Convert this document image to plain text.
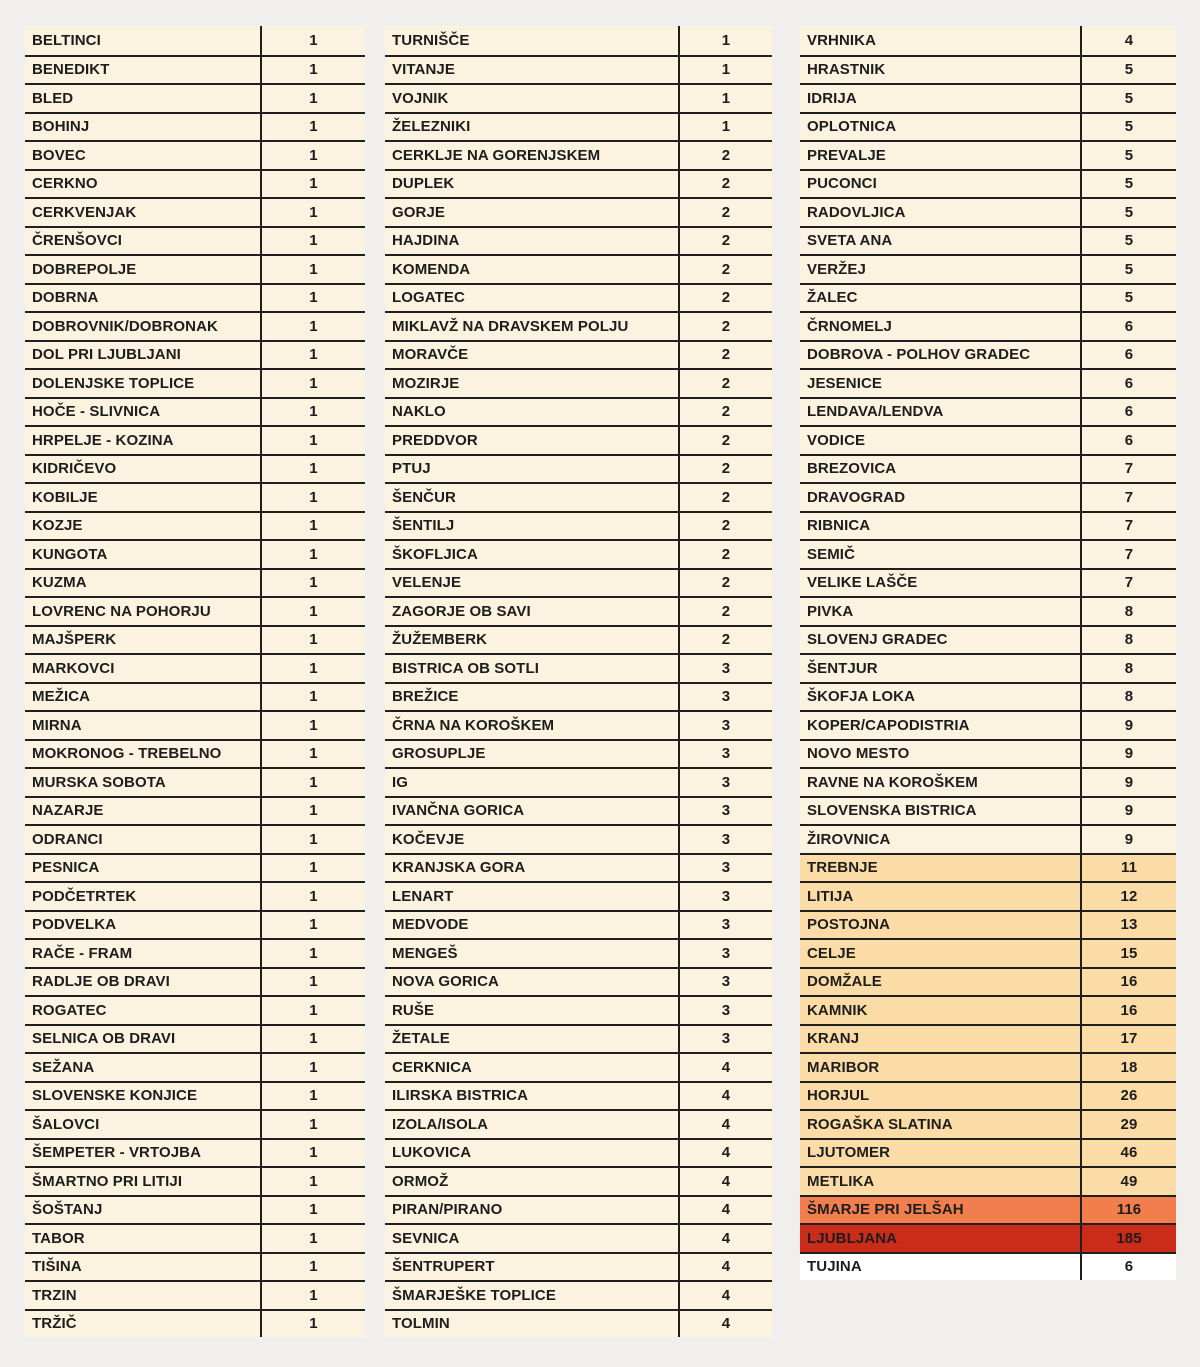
BELTINCI	1
BENEDIKT	1
BLED	1
BOHINJ	1
BOVEC	1
CERKNO	1
CERKVENJAK	1
ČRENŠOVCI	1
DOBREPOLJE	1
DOBRNA	1
DOBROVNIK/DOBRONAK	1
DOL PRI LJUBLJANI	1
DOLENJSKE TOPLICE	1
HOČE - SLIVNICA	1
HRPELJE - KOZINA	1
KIDRIČEVO	1
KOBILJE	1
KOZJE	1
KUNGOTA	1
KUZMA	1
LOVRENC NA POHORJU	1
MAJŠPERK	1
MARKOVCI	1
MEŽICA	1
MIRNA	1
MOKRONOG - TREBELNO	1
MURSKA SOBOTA	1
NAZARJE	1
ODRANCI	1
PESNICA	1
PODČETRTEK	1
PODVELKA	1
RAČE - FRAM	1
RADLJE OB DRAVI	1
ROGATEC	1
SELNICA OB DRAVI	1
SEŽANA	1
SLOVENSKE KONJICE	1
ŠALOVCI	1
ŠEMPETER - VRTOJBA	1
ŠMARTNO PRI LITIJI	1
ŠOŠTANJ	1
TABOR	1
TIŠINA	1
TRZIN	1
TRŽIČ	1
TURNIŠČE	1
VITANJE	1
VOJNIK	1
ŽELEZNIKI	1
CERKLJE NA GORENJSKEM	2
DUPLEK	2
GORJE	2
HAJDINA	2
KOMENDA	2
LOGATEC	2
MIKLAVŽ NA DRAVSKEM POLJU	2
MORAVČE	2
MOZIRJE	2
NAKLO	2
PREDDVOR	2
PTUJ	2
ŠENČUR	2
ŠENTILJ	2
ŠKOFLJICA	2
VELENJE	2
ZAGORJE OB SAVI	2
ŽUŽEMBERK	2
BISTRICA OB SOTLI	3
BREŽICE	3
ČRNA NA KOROŠKEM	3
GROSUPLJE	3
IG	3
IVANČNA GORICA	3
KOČEVJE	3
KRANJSKA GORA	3
LENART	3
MEDVODE	3
MENGEŠ	3
NOVA GORICA	3
RUŠE	3
ŽETALE	3
CERKNICA	4
ILIRSKA BISTRICA	4
IZOLA/ISOLA	4
LUKOVICA	4
ORMOŽ	4
PIRAN/PIRANO	4
SEVNICA	4
ŠENTRUPERT	4
ŠMARJEŠKE TOPLICE	4
TOLMIN	4
VRHNIKA	4
HRASTNIK	5
IDRIJA	5
OPLOTNICA	5
PREVALJE	5
PUCONCI	5
RADOVLJICA	5
SVETA ANA	5
VERŽEJ	5
ŽALEC	5
ČRNOMELJ	6
DOBROVA - POLHOV GRADEC	6
JESENICE	6
LENDAVA/LENDVA	6
VODICE	6
BREZOVICA	7
DRAVOGRAD	7
RIBNICA	7
SEMIČ	7
VELIKE LAŠČE	7
PIVKA	8
SLOVENJ GRADEC	8
ŠENTJUR	8
ŠKOFJA LOKA	8
KOPER/CAPODISTRIA	9
NOVO MESTO	9
RAVNE NA KOROŠKEM	9
SLOVENSKA BISTRICA	9
ŽIROVNICA	9
TREBNJE	11
LITIJA	12
POSTOJNA	13
CELJE	15
DOMŽALE	16
KAMNIK	16
KRANJ	17
MARIBOR	18
HORJUL	26
ROGAŠKA SLATINA	29
LJUTOMER	46
METLIKA	49
ŠMARJE PRI JELŠAH	116
LJUBLJANA	185
TUJINA	6
